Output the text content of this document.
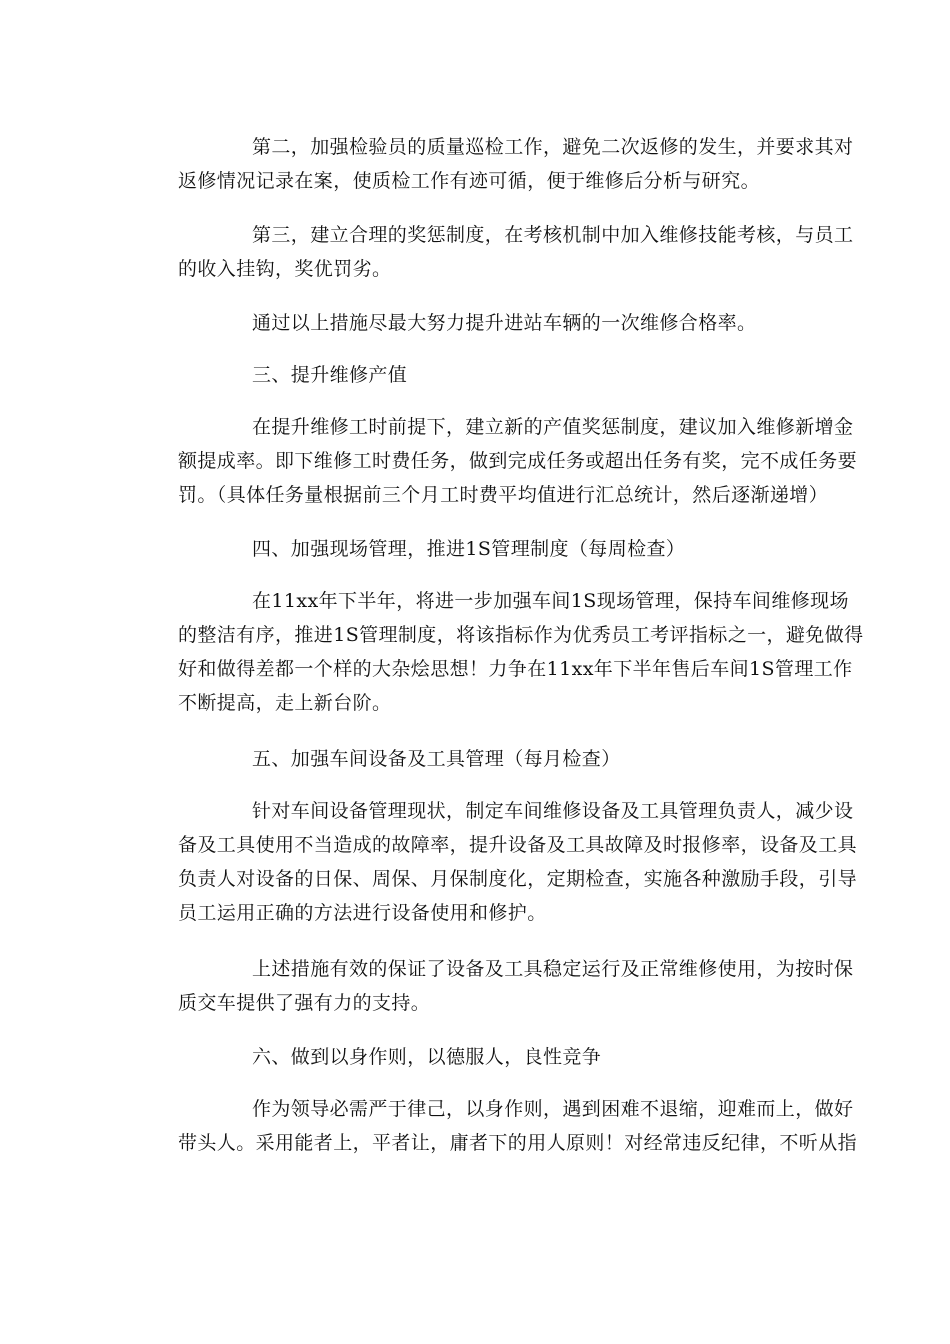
第二，加强检验员的质量巡检工作，避免二次返修的发生，并要求其对
返修情况记录在案，使质检工作有迹可循，便于维修后分析与研究。

第三，建立合理的奖惩制度，在考核机制中加入维修技能考核，与员工
的收入挂钩，奖优罚劣。

通过以上措施尽最大努力提升进站车辆的一次维修合格率。

三、提升维修产值

在提升维修工时前提下，建立新的产值奖惩制度，建议加入维修新增金
额提成率。即下维修工时费任务，做到完成任务或超出任务有奖，完不成任务要
罚。（具体任务量根据前三个月工时费平均值进行汇总统计，然后逐渐递增）

四、加强现场管理，推进1S管理制度（每周检查）

在11xx年下半年，将进一步加强车间1S现场管理，保持车间维修现场
的整洁有序，推进1S管理制度，将该指标作为优秀员工考评指标之一，避免做得
好和做得差都一个样的大杂烩思想！力争在11xx年下半年售后车间1S管理工作
不断提高，走上新台阶。

五、加强车间设备及工具管理（每月检查）

针对车间设备管理现状，制定车间维修设备及工具管理负责人，减少设
备及工具使用不当造成的故障率，提升设备及工具故障及时报修率，设备及工具
负责人对设备的日保、周保、月保制度化，定期检查，实施各种激励手段，引导
员工运用正确的方法进行设备使用和修护。

上述措施有效的保证了设备及工具稳定运行及正常维修使用，为按时保
质交车提供了强有力的支持。

六、做到以身作则，以德服人，良性竞争

作为领导必需严于律己，以身作则，遇到困难不退缩，迎难而上，做好
带头人。采用能者上，平者让，庸者下的用人原则！对经常违反纪律，不听从指
